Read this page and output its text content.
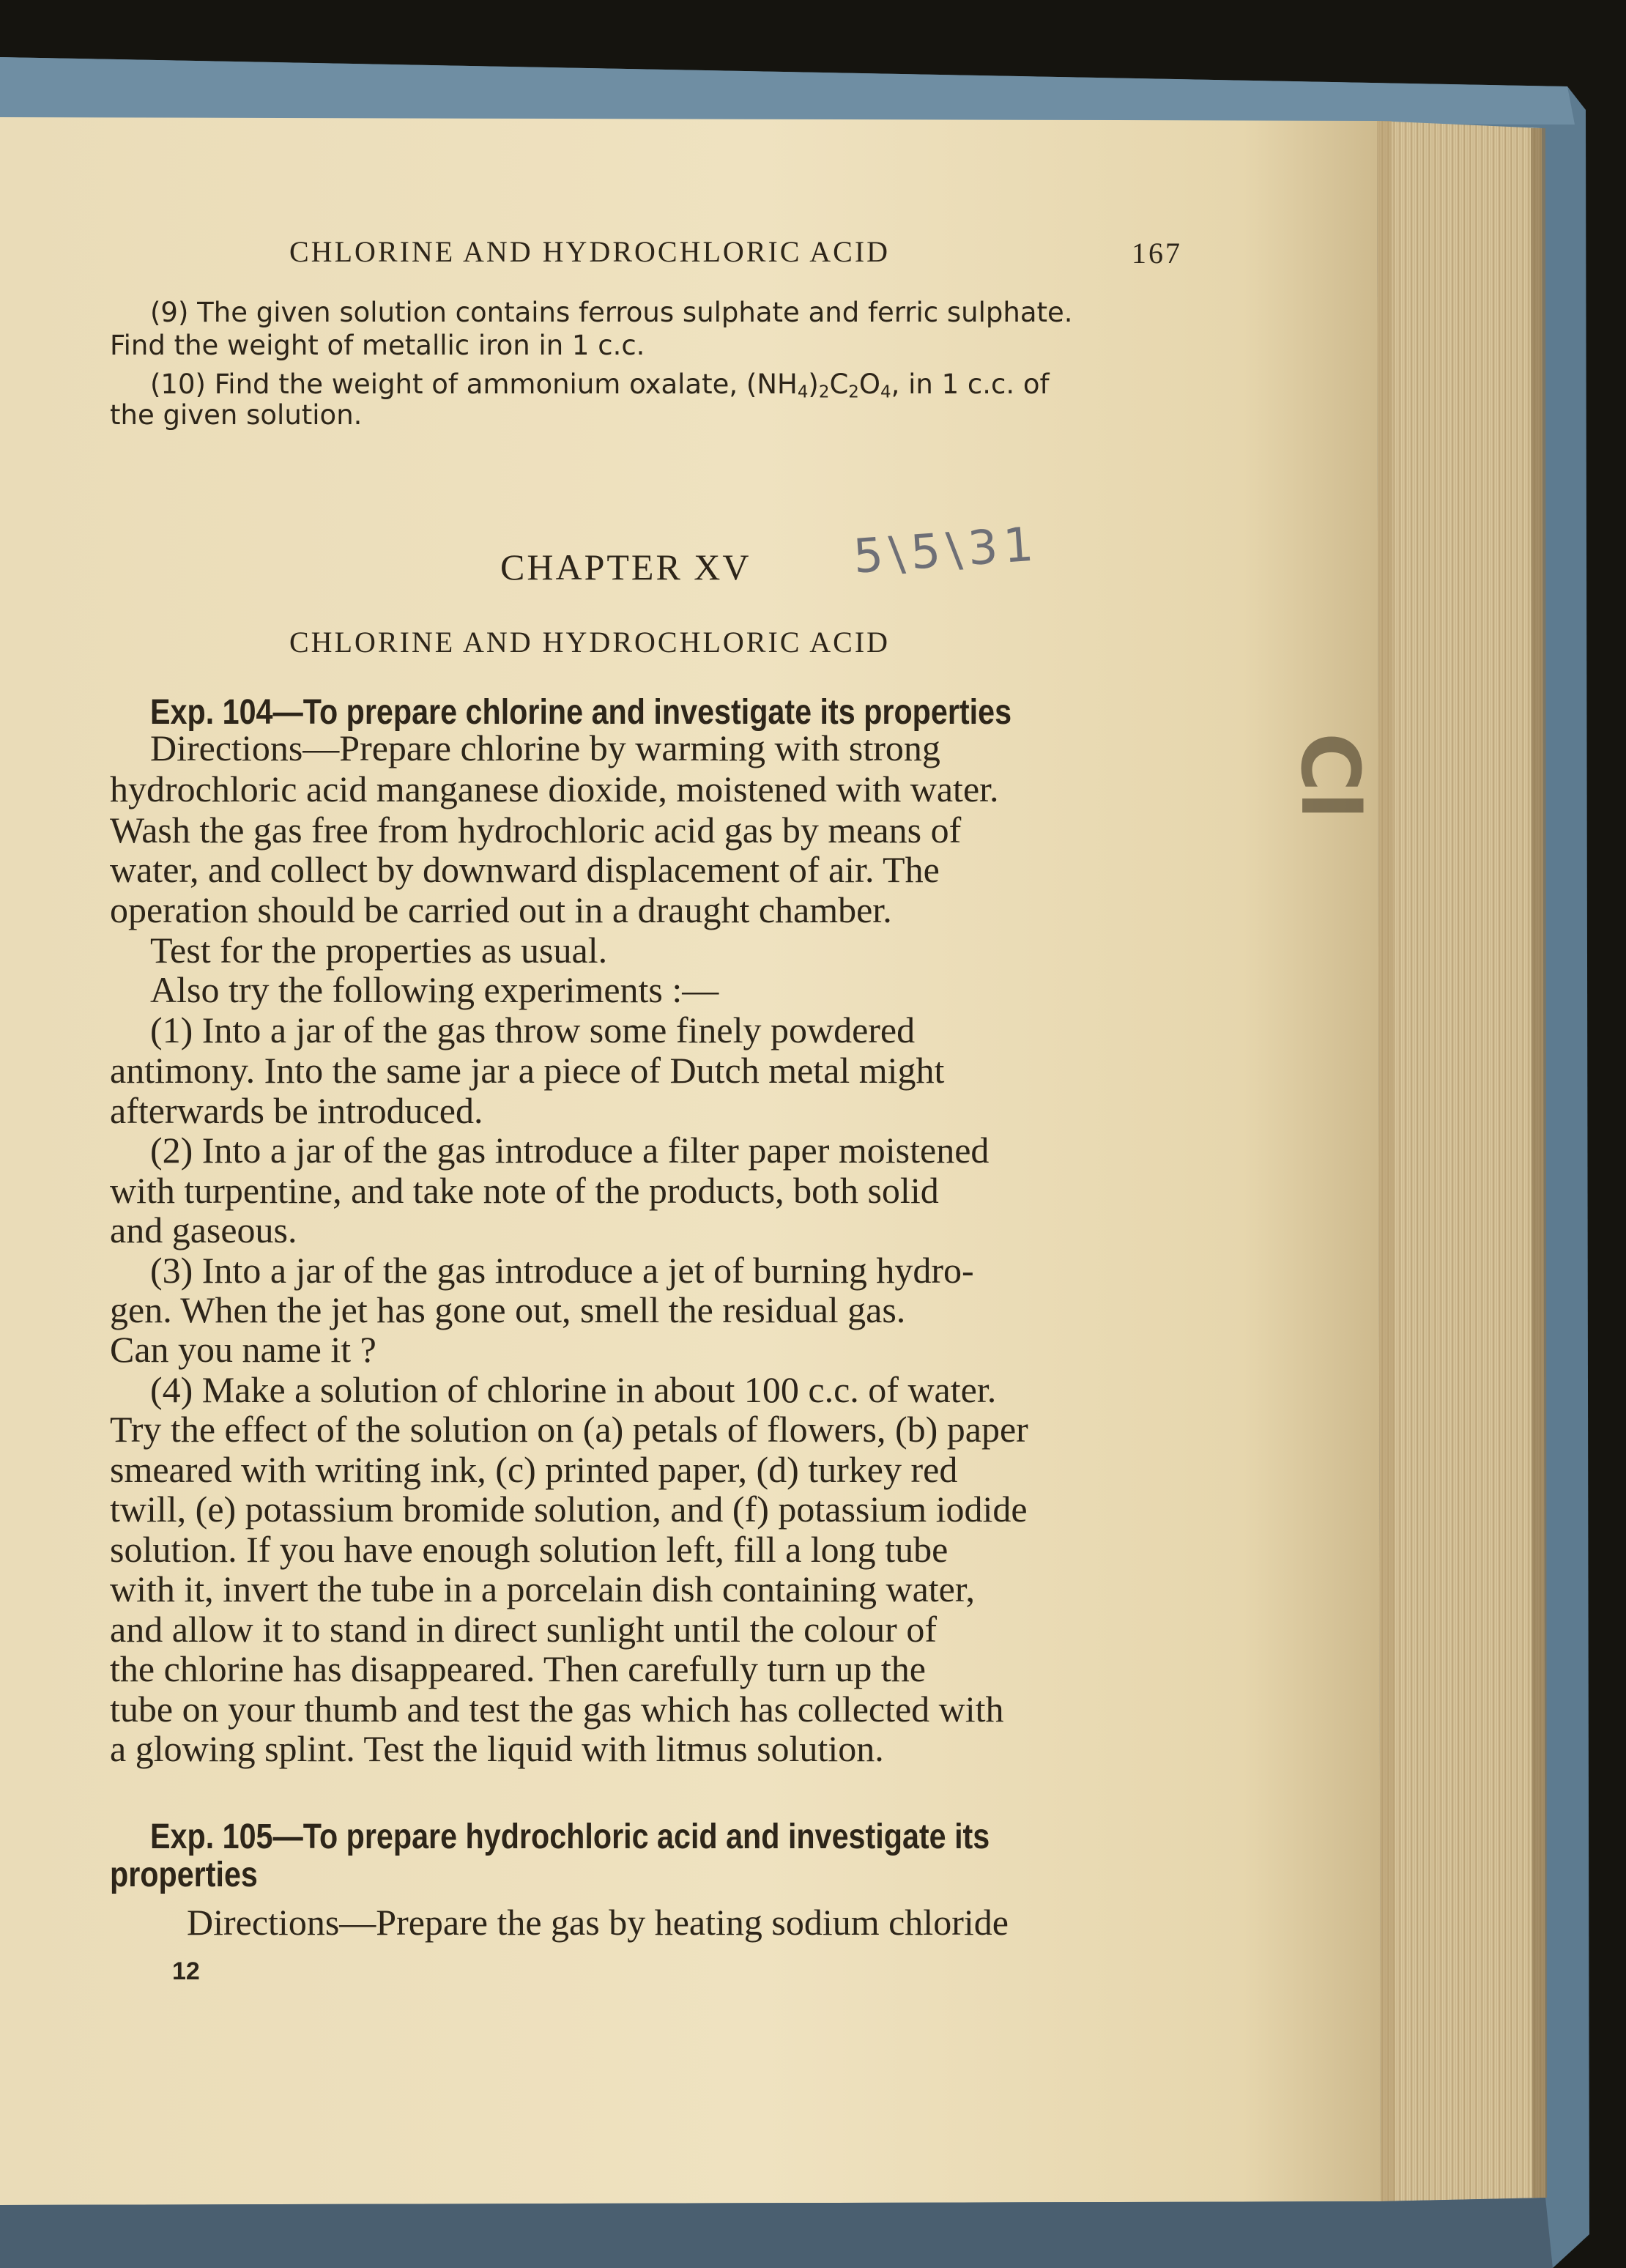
CHLORINE AND HYDROCHLORIC ACID	167
(9) The given solution contains ferrous sulphate and ferric sulphate.
Find the weight of metallic iron in 1 c.c.
(10) Find the weight of ammonium oxalate, $(NH_4)_2C_2O_4$, in 1 c.c. of
the given solution.
CHAPTER XV 5\5\31
CHLORINE AND HYDROCHLORIC ACID
Exp. 104—To prepare chlorine and investigate its properties
Directions—Prepare chlorine by warming with strong
hydrochloric acid manganese dioxide, moistened with water.
Wash the gas free from hydrochloric acid gas by means of
water, and collect by downward displacement of air. The
operation should be carried out in a draught chamber.
Test for the properties as usual.
Also try the following experiments :—
(1) Into a jar of the gas throw some finely powdered
antimony. Into the same jar a piece of Dutch metal might
afterwards be introduced.
(2) Into a jar of the gas introduce a filter paper moistened
with turpentine, and take note of the products, both solid
and gaseous.
(3) Into a jar of the gas introduce a jet of burning hydro-
gen. When the jet has gone out, smell the residual gas.
Can you name it ?
(4) Make a solution of chlorine in about 100 c.c. of water.
Try the effect of the solution on (a) petals of flowers, (b) paper
smeared with writing ink, (c) printed paper, (d) turkey red
twill, (e) potassium bromide solution, and (f) potassium iodide
solution. If you have enough solution left, fill a long tube
with it, invert the tube in a porcelain dish containing water,
and allow it to stand in direct sunlight until the colour of
the chlorine has disappeared. Then carefully turn up the
tube on your thumb and test the gas which has collected with
a glowing splint. Test the liquid with litmus solution.
Exp. 105—To prepare hydrochloric acid and investigate its
properties
Directions—Prepare the gas by heating sodium chloride
12
Cl
